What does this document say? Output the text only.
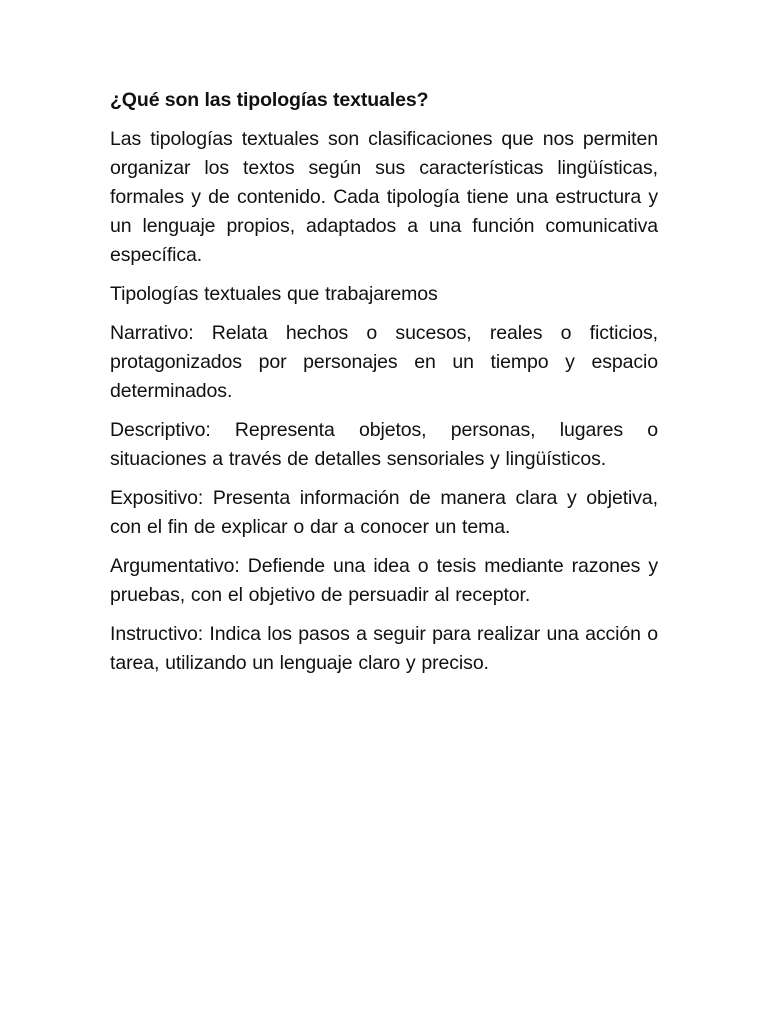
¿Qué son las tipologías textuales?

Las tipologías textuales son clasificaciones que nos permiten organizar los textos según sus características lingüísticas, formales y de contenido. Cada tipología tiene una estructura y un lenguaje propios, adaptados a una función comunicativa específica.

Tipologías textuales que trabajaremos

Narrativo: Relata hechos o sucesos, reales o ficticios, protagonizados por personajes en un tiempo y espacio determinados.

Descriptivo: Representa objetos, personas, lugares o situaciones a través de detalles sensoriales y lingüísticos.

Expositivo: Presenta información de manera clara y objetiva, con el fin de explicar o dar a conocer un tema.

Argumentativo: Defiende una idea o tesis mediante razones y pruebas, con el objetivo de persuadir al receptor.

Instructivo: Indica los pasos a seguir para realizar una acción o tarea, utilizando un lenguaje claro y preciso.
